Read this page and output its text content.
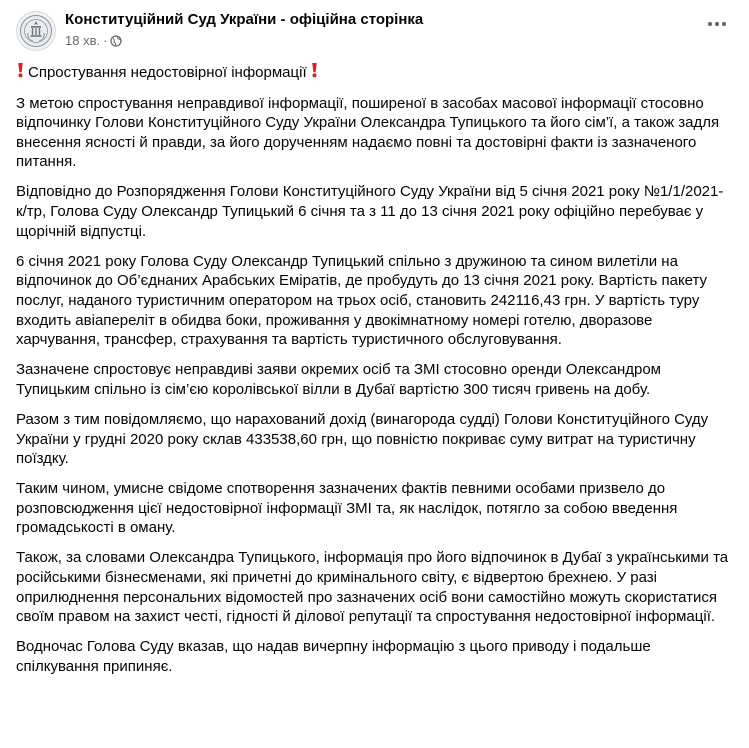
Конституційний Суд України - офіційна сторінка
18 хв. ·
Спростування недостовірної інформації

З метою спростування неправдивої інформації, поширеної в засобах масової інформації стосовно відпочинку Голови Конституційного Суду України Олександра Тупицького та його сім’ї, а також задля внесення ясності й правди, за його дорученням надаємо повні та достовірні факти із зазначеного питання.

Відповідно до Розпорядження Голови Конституційного Суду України від 5 січня 2021 року №1/1/2021-к/тр, Голова Суду Олександр Тупицький 6 січня та з 11 до 13 січня 2021 року офіційно перебуває у щорічній відпустці.

6 січня 2021 року Голова Суду Олександр Тупицький спільно з дружиною та сином вилетіли на відпочинок до Об’єднаних Арабських Еміратів, де пробудуть до 13 січня 2021 року. Вартість пакету послуг, наданого туристичним оператором на трьох осіб, становить 242116,43 грн. У вартість туру входить авіапереліт в обидва боки, проживання у двокімнатному номері готелю, дворазове харчування, трансфер, страхування та вартість туристичного обслуговування.

Зазначене спростовує неправдиві заяви окремих осіб та ЗМІ стосовно оренди Олександром Тупицьким спільно із сім’єю королівської вілли в Дубаї вартістю 300 тисяч гривень на добу.

Разом з тим повідомляємо, що нарахований дохід (винагорода судді) Голови Конституційного Суду України у грудні 2020 року склав 433538,60 грн, що повністю покриває суму витрат на туристичну поїздку.

Таким чином, умисне свідоме спотворення зазначених фактів певними особами призвело до розповсюдження цієї недостовірної інформації ЗМІ та, як наслідок, потягло за собою введення громадськості в оману.

Також, за словами Олександра Тупицького, інформація про його відпочинок в Дубаї з українськими та російськими бізнесменами, які причетні до кримінального світу, є відвертою брехнею. У разі оприлюднення персональних відомостей про зазначених осіб вони самостійно можуть скористатися своїм правом на захист честі, гідності й ділової репутації та спростування недостовірної інформації.

Водночас Голова Суду вказав, що надав вичерпну інформацію з цього приводу і подальше спілкування припиняє.
